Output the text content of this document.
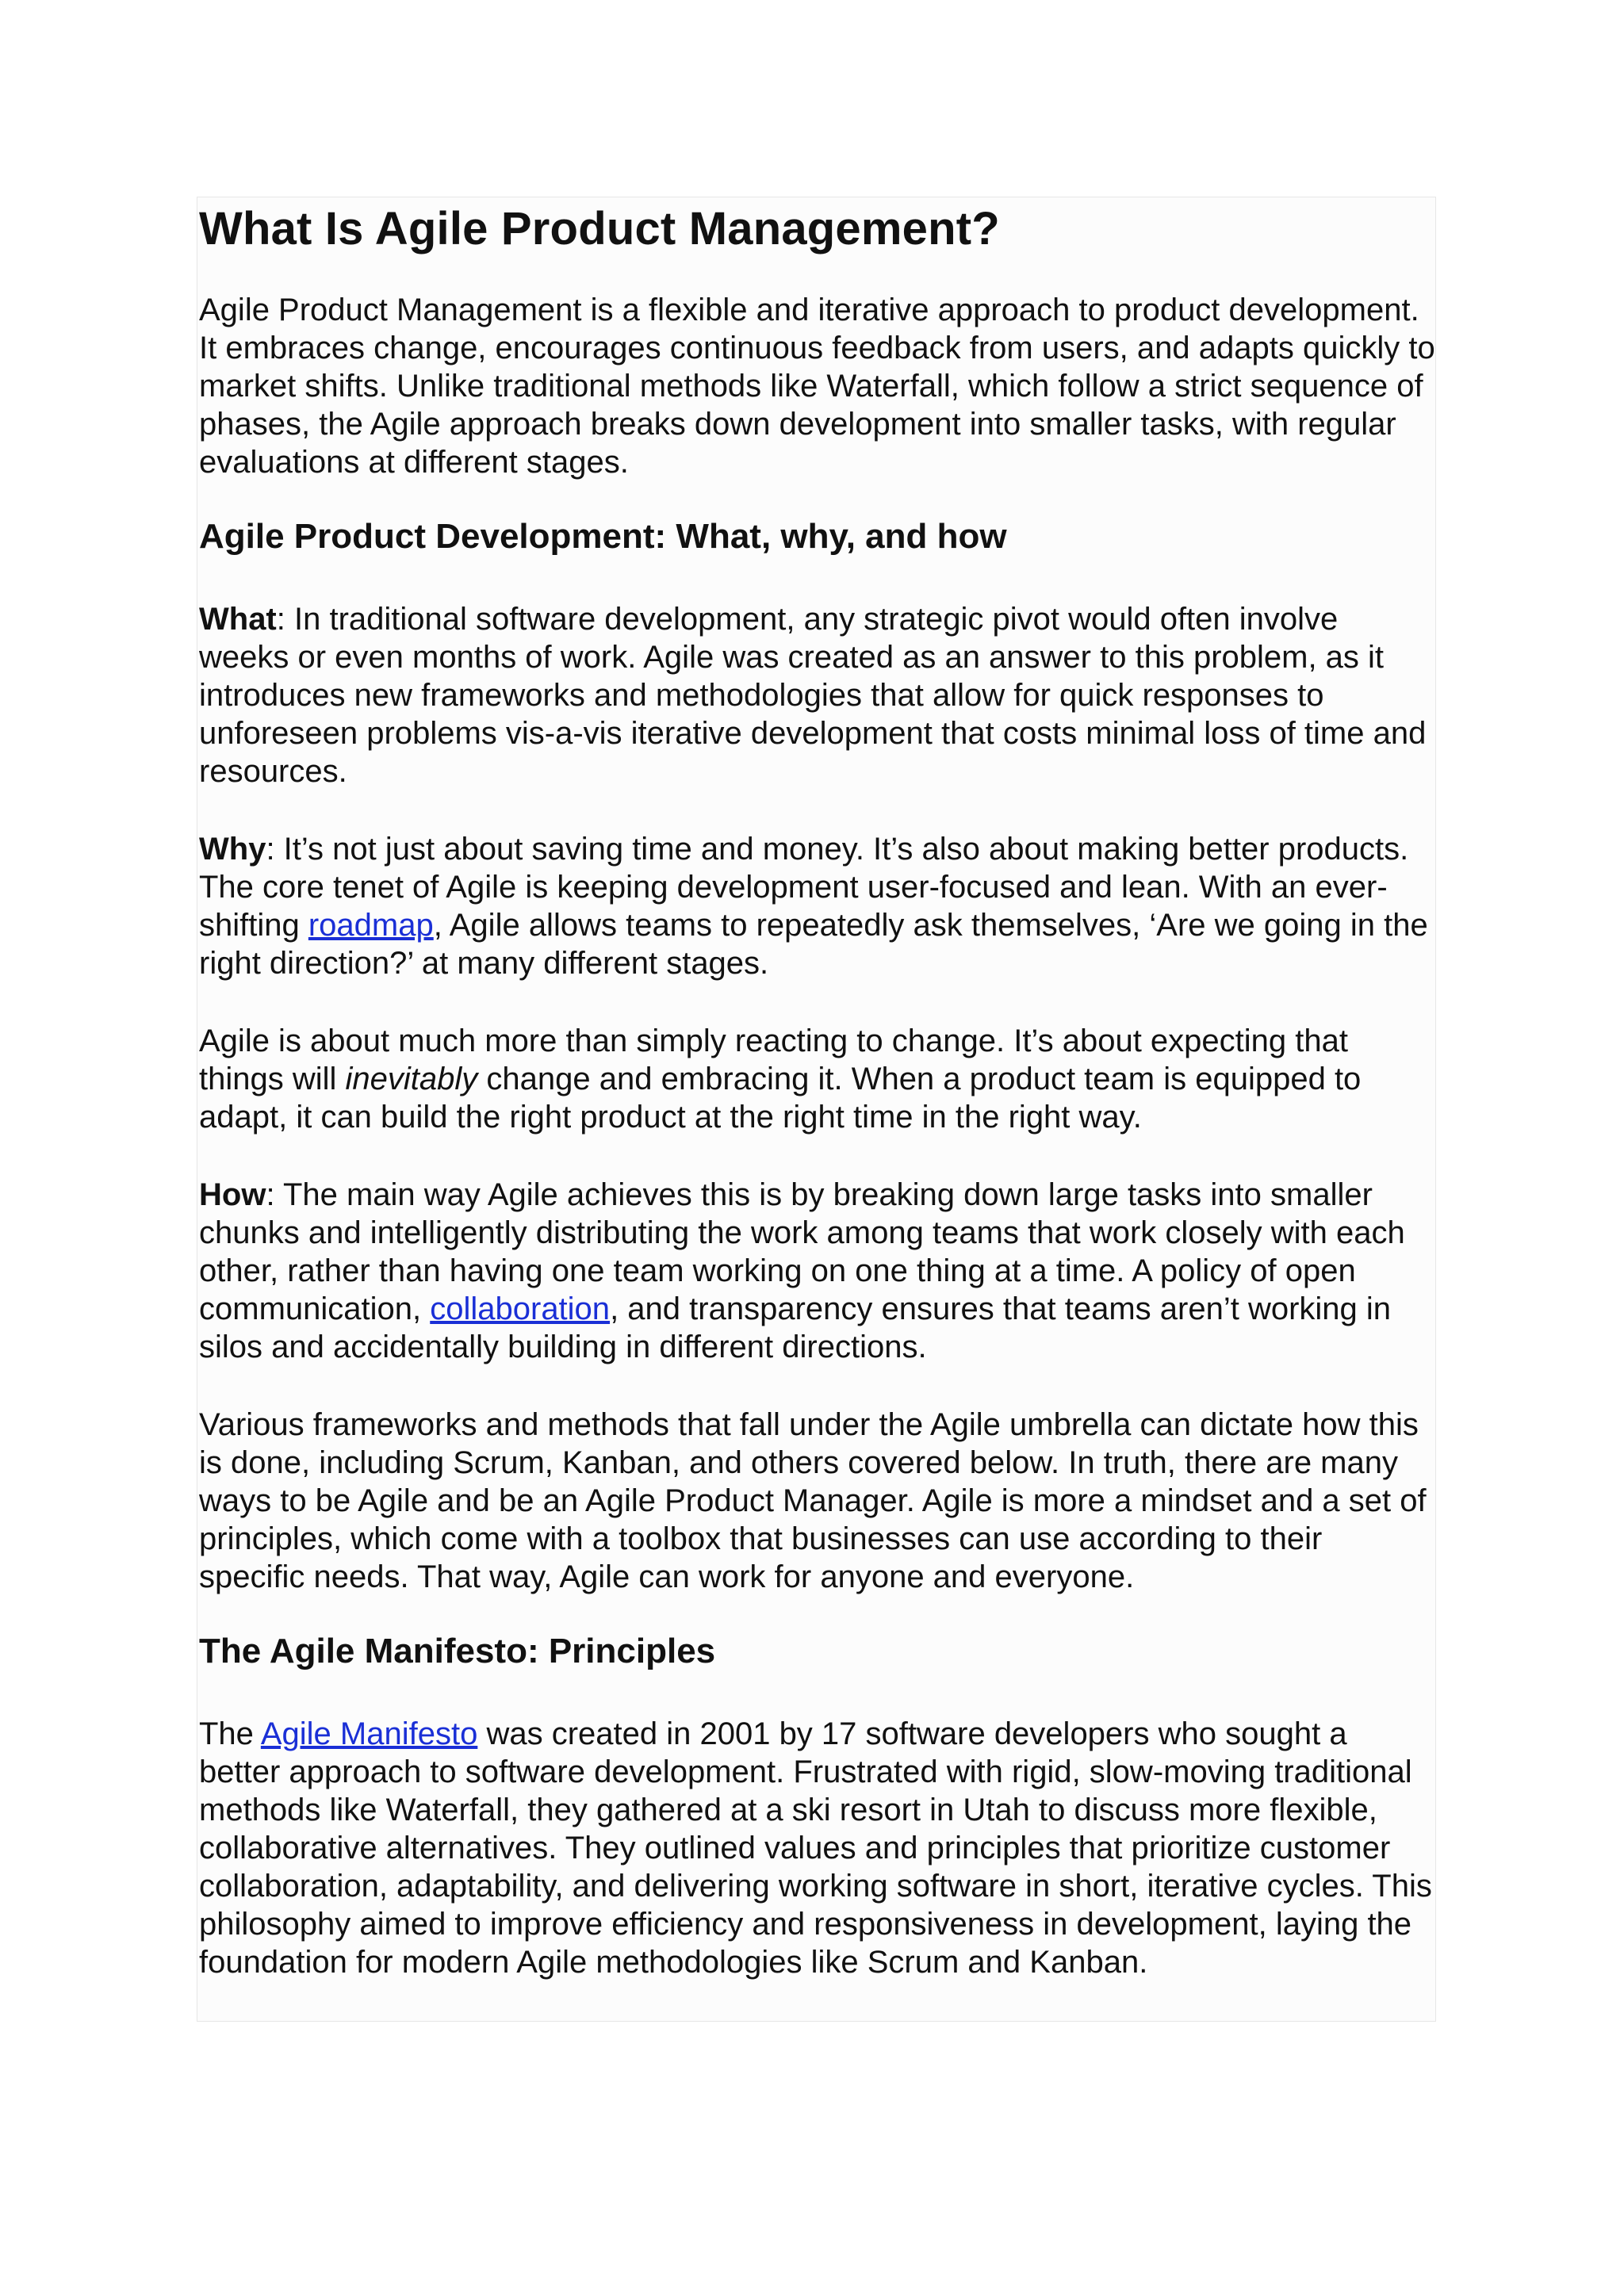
What Is Agile Product Management?

Agile Product Management is a flexible and iterative approach to product development. It embraces change, encourages continuous feedback from users, and adapts quickly to market shifts. Unlike traditional methods like Waterfall, which follow a strict sequence of phases, the Agile approach breaks down development into smaller tasks, with regular evaluations at different stages.

Agile Product Development: What, why, and how

What: In traditional software development, any strategic pivot would often involve weeks or even months of work. Agile was created as an answer to this problem, as it introduces new frameworks and methodologies that allow for quick responses to unforeseen problems vis-a-vis iterative development that costs minimal loss of time and resources.

Why: It’s not just about saving time and money. It’s also about making better products. The core tenet of Agile is keeping development user-focused and lean. With an ever-shifting roadmap, Agile allows teams to repeatedly ask themselves, ‘Are we going in the right direction?’ at many different stages.

Agile is about much more than simply reacting to change. It’s about expecting that things will inevitably change and embracing it. When a product team is equipped to adapt, it can build the right product at the right time in the right way.

How: The main way Agile achieves this is by breaking down large tasks into smaller chunks and intelligently distributing the work among teams that work closely with each other, rather than having one team working on one thing at a time. A policy of open communication, collaboration, and transparency ensures that teams aren’t working in silos and accidentally building in different directions.

Various frameworks and methods that fall under the Agile umbrella can dictate how this is done, including Scrum, Kanban, and others covered below. In truth, there are many ways to be Agile and be an Agile Product Manager. Agile is more a mindset and a set of principles, which come with a toolbox that businesses can use according to their specific needs. That way, Agile can work for anyone and everyone.

The Agile Manifesto: Principles

The Agile Manifesto was created in 2001 by 17 software developers who sought a better approach to software development. Frustrated with rigid, slow-moving traditional methods like Waterfall, they gathered at a ski resort in Utah to discuss more flexible, collaborative alternatives. They outlined values and principles that prioritize customer collaboration, adaptability, and delivering working software in short, iterative cycles. This philosophy aimed to improve efficiency and responsiveness in development, laying the foundation for modern Agile methodologies like Scrum and Kanban.
